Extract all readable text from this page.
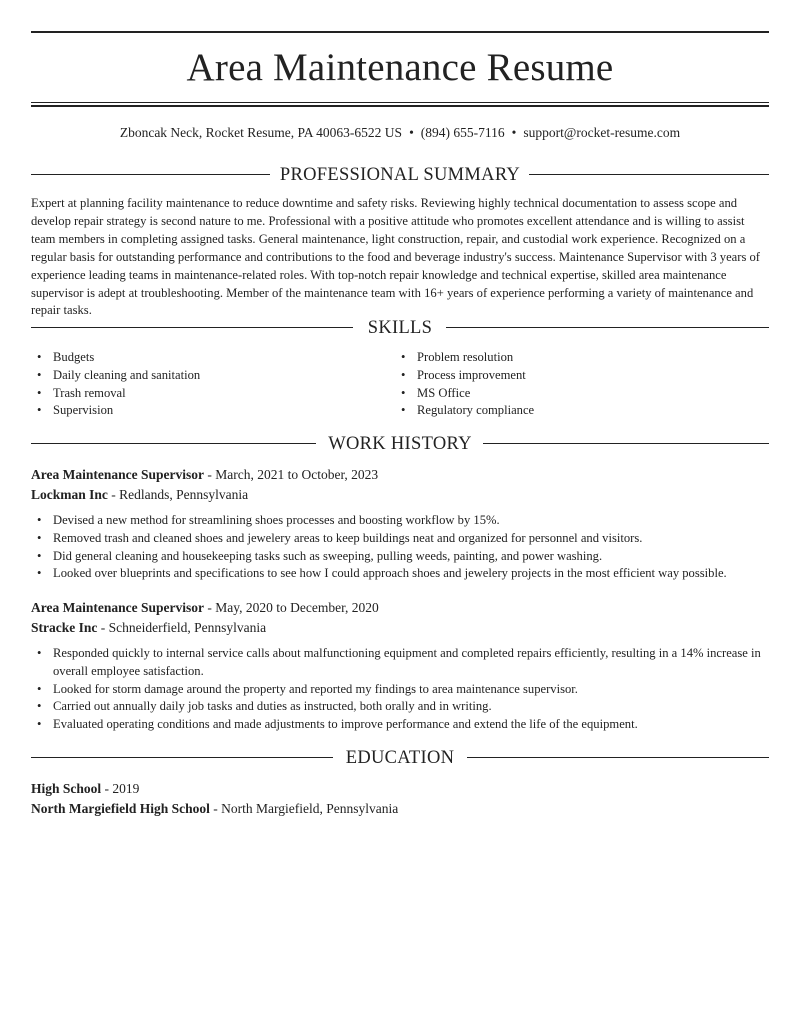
Area Maintenance Resume
Zboncak Neck, Rocket Resume, PA 40063-6522 US • (894) 655-7116 • support@rocket-resume.com
PROFESSIONAL SUMMARY

Expert at planning facility maintenance to reduce downtime and safety risks. Reviewing highly technical documentation to assess scope and develop repair strategy is second nature to me. Professional with a positive attitude who promotes excellent attendance and is willing to assist team members in completing assigned tasks. General maintenance, light construction, repair, and custodial work experience. Recognized on a regular basis for outstanding performance and contributions to the food and beverage industry's success. Maintenance Supervisor with 3 years of experience leading teams in maintenance-related roles. With top-notch repair knowledge and technical expertise, skilled area maintenance supervisor is adept at troubleshooting. Member of the maintenance team with 16+ years of experience performing a variety of maintenance and repair tasks.

SKILLS
• Budgets
• Daily cleaning and sanitation
• Trash removal
• Supervision
• Problem resolution
• Process improvement
• MS Office
• Regulatory compliance
WORK HISTORY
Area Maintenance Supervisor - March, 2021 to October, 2023
Lockman Inc - Redlands, Pennsylvania
• Devised a new method for streamlining shoes processes and boosting workflow by 15%.
• Removed trash and cleaned shoes and jewelery areas to keep buildings neat and organized for personnel and visitors.
• Did general cleaning and housekeeping tasks such as sweeping, pulling weeds, painting, and power washing.
• Looked over blueprints and specifications to see how I could approach shoes and jewelery projects in the most efficient way possible.
Area Maintenance Supervisor - May, 2020 to December, 2020
Stracke Inc - Schneiderfield, Pennsylvania
• Responded quickly to internal service calls about malfunctioning equipment and completed repairs efficiently, resulting in a 14% increase in overall employee satisfaction.
• Looked for storm damage around the property and reported my findings to area maintenance supervisor.
• Carried out annually daily job tasks and duties as instructed, both orally and in writing.
• Evaluated operating conditions and made adjustments to improve performance and extend the life of the equipment.
EDUCATION
High School - 2019
North Margiefield High School - North Margiefield, Pennsylvania
